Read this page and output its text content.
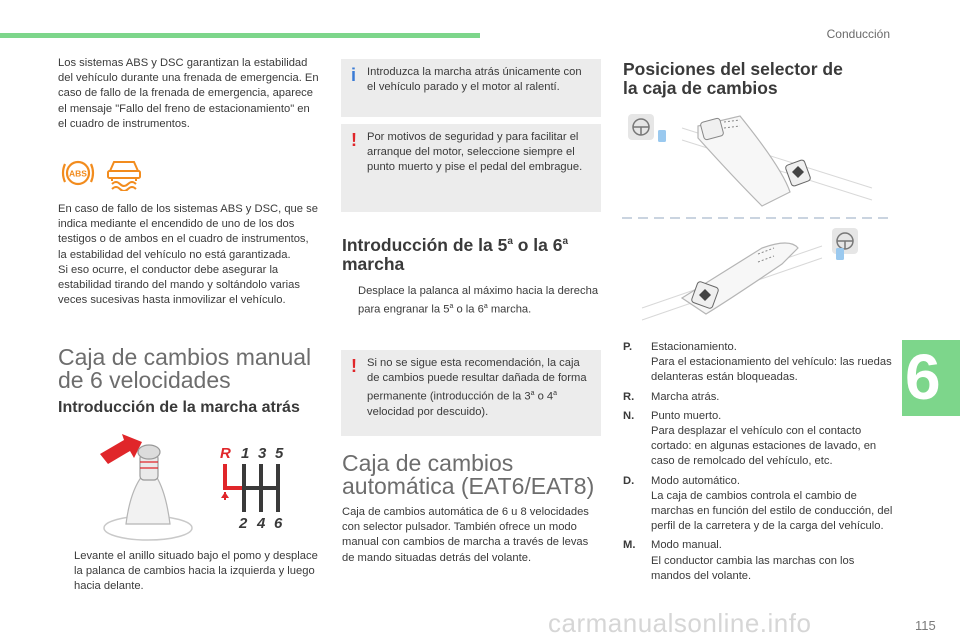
Conducción

Los sistemas ABS y DSC garantizan la estabilidad del vehículo durante una frenada de emergencia. En caso de fallo de la frenada de emergencia, aparece el mensaje "Fallo del freno de estacionamiento" en el cuadro de instrumentos.

ABS

En caso de fallo de los sistemas ABS y DSC, que se indica mediante el encendido de uno de los dos testigos o de ambos en el cuadro de instrumentos, la estabilidad del vehículo no está garantizada.

Si eso ocurre, el conductor debe asegurar la estabilidad tirando del mando y soltándolo varias veces sucesivas hasta inmovilizar el vehículo.

Caja de cambios manual
de 6 velocidades
Introducción de la marcha atrás
R 1 3 5
2 4 6
Levante el anillo situado bajo el pomo y desplace la palanca de cambios hacia la izquierda y luego hacia delante.
i Introduzca la marcha atrás únicamente con el vehículo parado y el motor al ralentí.
! Por motivos de seguridad y para facilitar el arranque del motor, seleccione siempre el punto muerto y pise el pedal del embrague.
Introducción de la 5$^a$ o la 6$^a$
marcha
Desplace la palanca al máximo hacia la derecha para engranar la 5$^a$ o la 6$^a$ marcha.
! Si no se sigue esta recomendación, la caja de cambios puede resultar dañada de forma permanente (introducción de la 3$^a$ o 4$^a$ velocidad por descuido).
Caja de cambios
automática (EAT6/EAT8)

Caja de cambios automática de 6 u 8 velocidades con selector pulsador. También ofrece un modo manual con cambios de marcha a través de levas de mando situadas detrás del volante.

Posiciones del selector de
la caja de cambios
P. Estacionamiento.
Para el estacionamiento del vehículo: las ruedas delanteras están bloqueadas.
R. Marcha atrás.
N. Punto muerto.
Para desplazar el vehículo con el contacto cortado: en algunas estaciones de lavado, en caso de remolcado del vehículo, etc.
D. Modo automático.
La caja de cambios controla el cambio de marchas en función del estilo de conducción, del perfil de la carretera y de la carga del vehículo.
M. Modo manual.
El conductor cambia las marchas con los mandos del volante.
6
carmanualsonline.info	115
